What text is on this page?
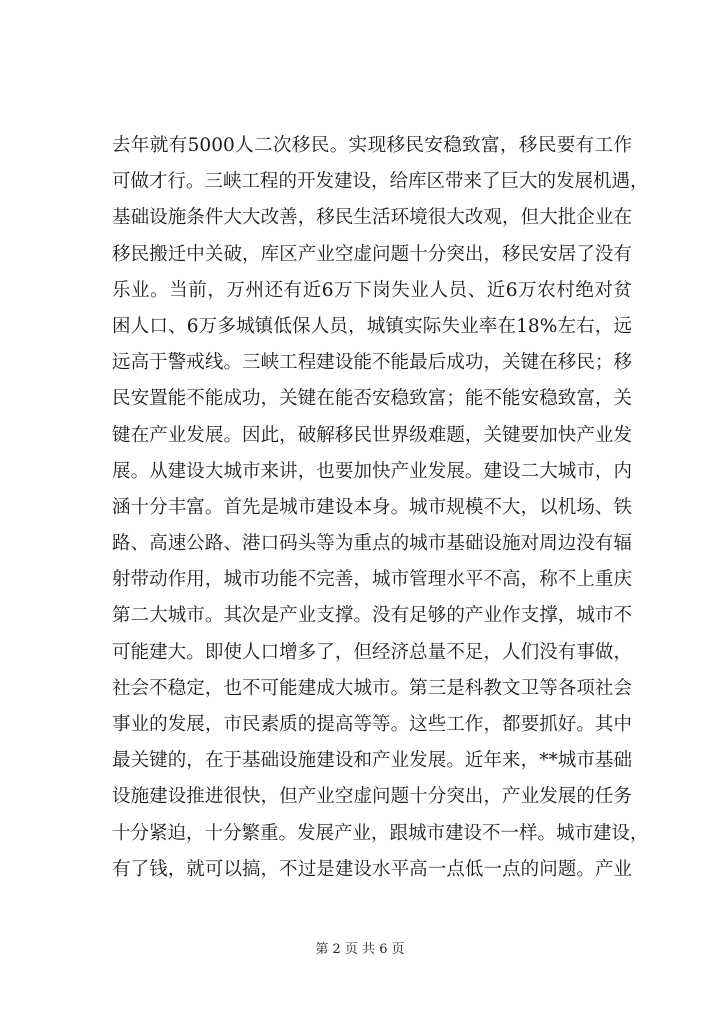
去年就有5000人二次移民。实现移民安稳致富，移民要有工作
可做才行。三峡工程的开发建设，给库区带来了巨大的发展机遇，
基础设施条件大大改善，移民生活环境很大改观，但大批企业在
移民搬迁中关破，库区产业空虚问题十分突出，移民安居了没有
乐业。当前，万州还有近6万下岗失业人员、近6万农村绝对贫
困人口、6万多城镇低保人员，城镇实际失业率在18%左右，远
远高于警戒线。三峡工程建设能不能最后成功，关键在移民；移
民安置能不能成功，关键在能否安稳致富；能不能安稳致富，关
键在产业发展。因此，破解移民世界级难题，关键要加快产业发
展。从建设大城市来讲，也要加快产业发展。建设二大城市，内
涵十分丰富。首先是城市建设本身。城市规模不大，以机场、铁
路、高速公路、港口码头等为重点的城市基础设施对周边没有辐
射带动作用，城市功能不完善，城市管理水平不高，称不上重庆
第二大城市。其次是产业支撑。没有足够的产业作支撑，城市不
可能建大。即使人口增多了，但经济总量不足，人们没有事做，
社会不稳定，也不可能建成大城市。第三是科教文卫等各项社会
事业的发展，市民素质的提高等等。这些工作，都要抓好。其中
最关键的，在于基础设施建设和产业发展。近年来，**城市基础
设施建设推进很快，但产业空虚问题十分突出，产业发展的任务
十分紧迫，十分繁重。发展产业，跟城市建设不一样。城市建设，
有了钱，就可以搞，不过是建设水平高一点低一点的问题。产业
第 2 页 共 6 页
